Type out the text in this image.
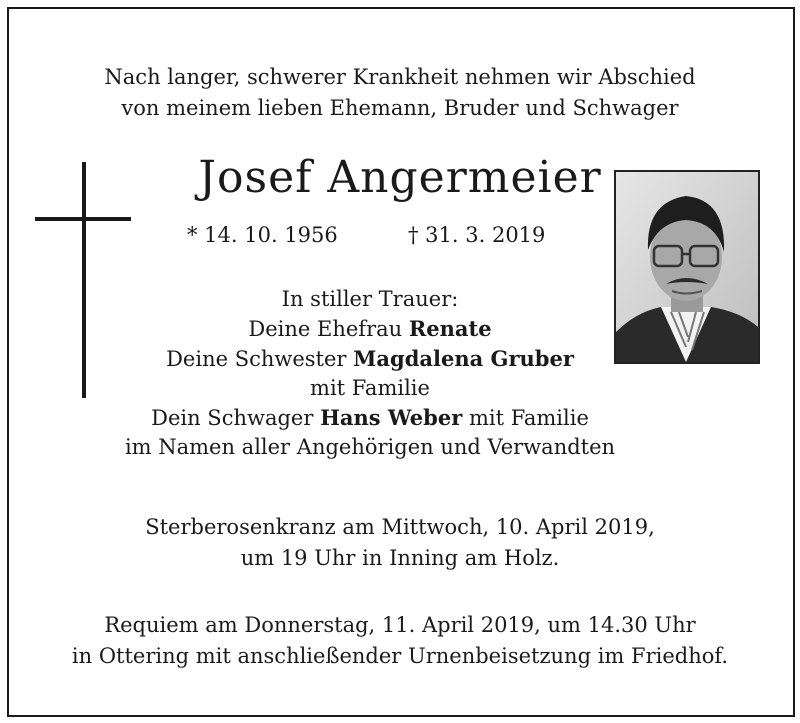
Nach langer, schwerer Krankheit nehmen wir Abschied
von meinem lieben Ehemann, Bruder und Schwager
Josef Angermeier
* 14. 10. 1956	† 31. 3. 2019
In stiller Trauer:
Deine Ehefrau Renate
Deine Schwester Magdalena Gruber
mit Familie
Dein Schwager Hans Weber mit Familie
im Namen aller Angehörigen und Verwandten
Sterberosenkranz am Mittwoch, 10. April 2019,
um 19 Uhr in Inning am Holz.
Requiem am Donnerstag, 11. April 2019, um 14.30 Uhr
in Ottering mit anschließender Urnenbeisetzung im Friedhof.
